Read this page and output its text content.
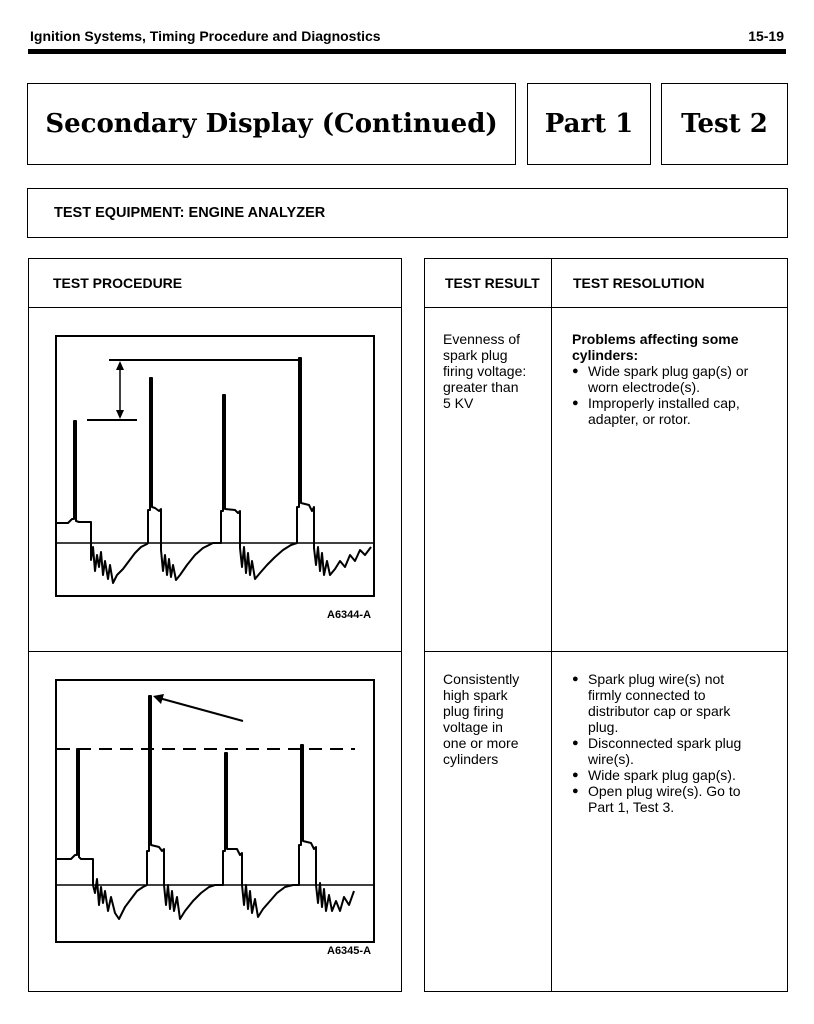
Ignition Systems, Timing Procedure and Diagnostics	15-19
Secondary Display (Continued) Part 1 Test 2
TEST EQUIPMENT: ENGINE ANALYZER
TEST PROCEDURE
A6344-A
A6345-A
TEST RESULT TEST RESOLUTION

Evenness of

spark plug

firing voltage:

greater than

5 KV

Problems affecting some

cylinders:

● Wide spark plug gap(s) or

worn electrode(s).

● Improperly installed cap,

adapter, or rotor.

Consistently

high spark

plug firing

voltage in

one or more

cylinders

● Spark plug wire(s) not

firmly connected to

distributor cap or spark

plug.

● Disconnected spark plug

wire(s).

● Wide spark plug gap(s).

● Open plug wire(s). Go to

Part 1, Test 3.
